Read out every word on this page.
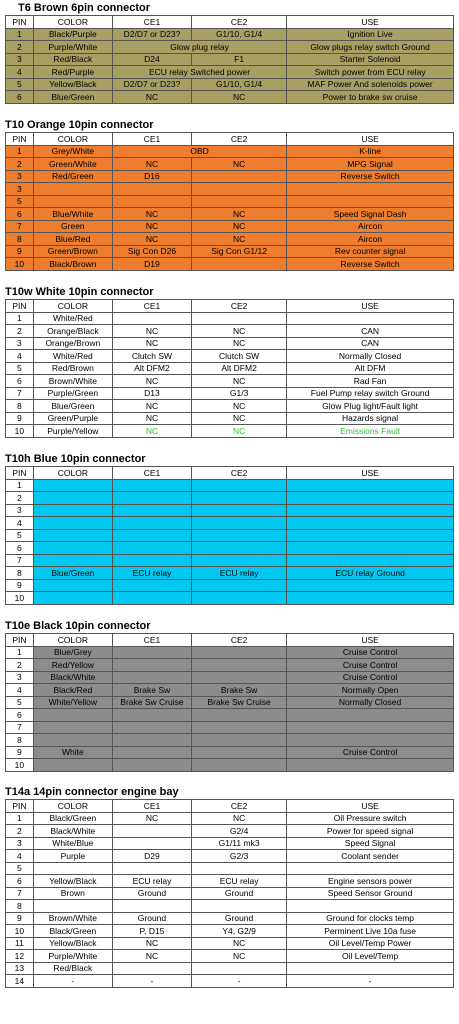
T6 Brown 6pin connector
PIN	COLOR	CE1	CE2	USE
1	Black/Purple	D2/D7 or D23?	G1/10, G1/4	Ignition Live
2	Purple/White	Glow plug relay		Glow plugs relay switch Ground
3	Red/Black	D24	F1	Starter Solenoid
4	Red/Purple	ECU relay Switched power		Switch power from ECU relay
5	Yellow/Black	D2/D7 or D23?	G1/10, G1/4	MAF Power And solenoids power
6	Blue/Green	NC	NC	Power to brake sw cruise
T10 Orange 10pin connector
PIN	COLOR	CE1	CE2	USE
1	Grey/White	OBD		K-line
2	Green/White	NC	NC	MPG Signal
3	Red/Green	D16		Reverse Switch
3				
5				
6	Blue/White	NC	NC	Speed Signal Dash
7	Green	NC	NC	Aircon
8	Blue/Red	NC	NC	Aircon
9	Green/Brown	Sig Con D26	Sig Con G1/12	Rev counter signal
10	Black/Brown	D19		Reverse Switch
T10w White 10pin connector
PIN	COLOR	CE1	CE2	USE
1	White/Red			
2	Orange/Black	NC	NC	CAN
3	Orange/Brown	NC	NC	CAN
4	White/Red	Clutch SW	Clutch SW	Normally Closed
5	Red/Brown	Alt DFM2	Alt DFM2	Alt DFM
6	Brown/White	NC	NC	Rad Fan
7	Purple/Green	D13	G1/3	Fuel Pump relay switch Ground
8	Blue/Green	NC	NC	Glow Plug light/Fault light
9	Green/Purple	NC	NC	Hazards signal
10	Purple/Yellow	NC	NC	Emissions Fault
T10h Blue 10pin connector
PIN	COLOR	CE1	CE2	USE
1				
2				
3				
4				
5				
6				
7				
8	Blue/Green	ECU relay	ECU relay	ECU relay Ground
9				
10				
T10e Black 10pin connector
PIN	COLOR	CE1	CE2	USE
1	Blue/Grey			Cruise Control
2	Red/Yellow			Cruise Control
3	Black/White			Cruise Control
4	Black/Red	Brake Sw	Brake Sw	Normally Open
5	White/Yellow	Brake Sw Cruise	Brake Sw Cruise	Normally Closed
6				
7				
8				
9	White			Cruise Control
10				
T14a 14pin connector engine bay
PIN	COLOR	CE1	CE2	USE
1	Black/Green	NC	NC	Oil Pressure switch
2	Black/White		G2/4	Power for speed signal
3	White/Blue		G1/11 mk3	Speed Signal
4	Purple	D29	G2/3	Coolant sender
5				
6	Yellow/Black	ECU relay	ECU relay	Engine sensors power
7	Brown	Ground	Ground	Speed Sensor Ground
8				
9	Brown/White	Ground	Ground	Ground for clocks temp
10	Black/Green	P, D15	Y4, G2/9	Perminent Live 10a fuse
11	Yellow/Black	NC	NC	Oil Level/Temp Power
12	Purple/White	NC	NC	Oil Level/Temp
13	Red/Black			
14	-	-	-	-
